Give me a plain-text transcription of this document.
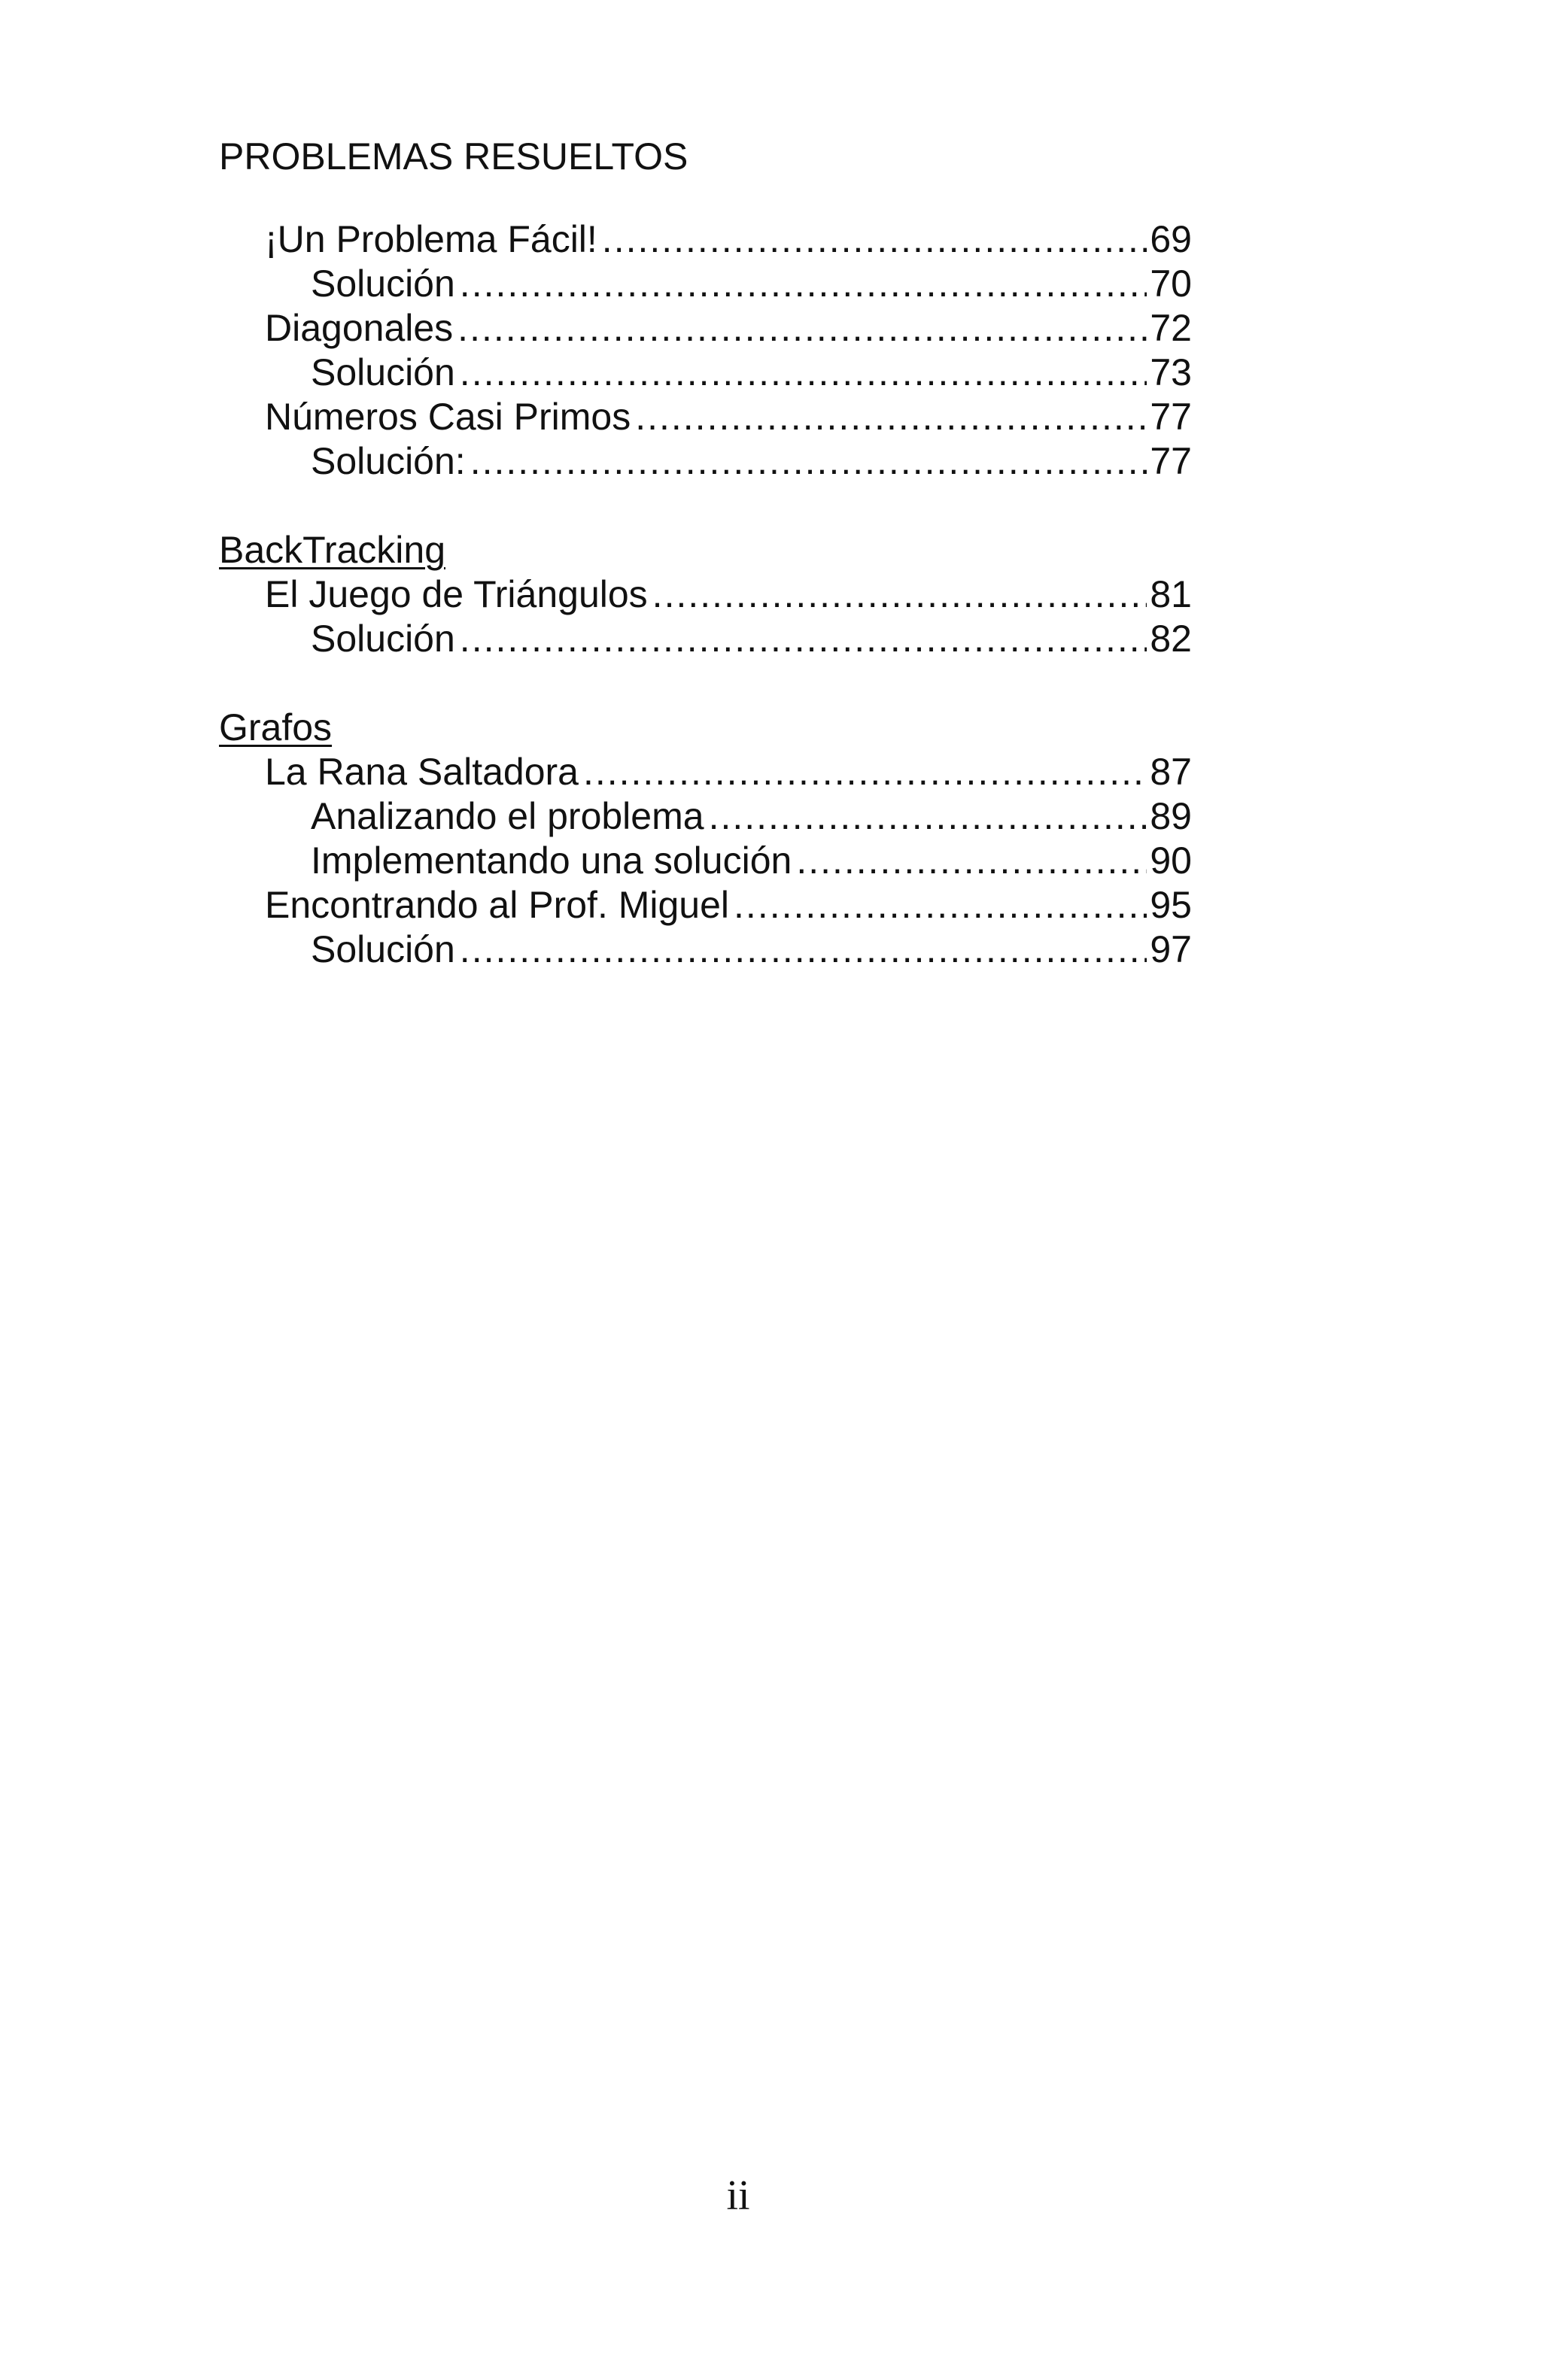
PROBLEMAS RESUELTOS
¡Un Problema Fácil! .....	69
Solución .....	70
Diagonales .....	72
Solución .....	73
Números Casi Primos .....	77
Solución: .....	77
BackTracking
El Juego de Triángulos .....	81
Solución .....	82
Grafos
La Rana Saltadora .....	87
Analizando el problema .....	89
Implementando una solución .....	90
Encontrando al Prof. Miguel .....	95
Solución .....	97
ii
